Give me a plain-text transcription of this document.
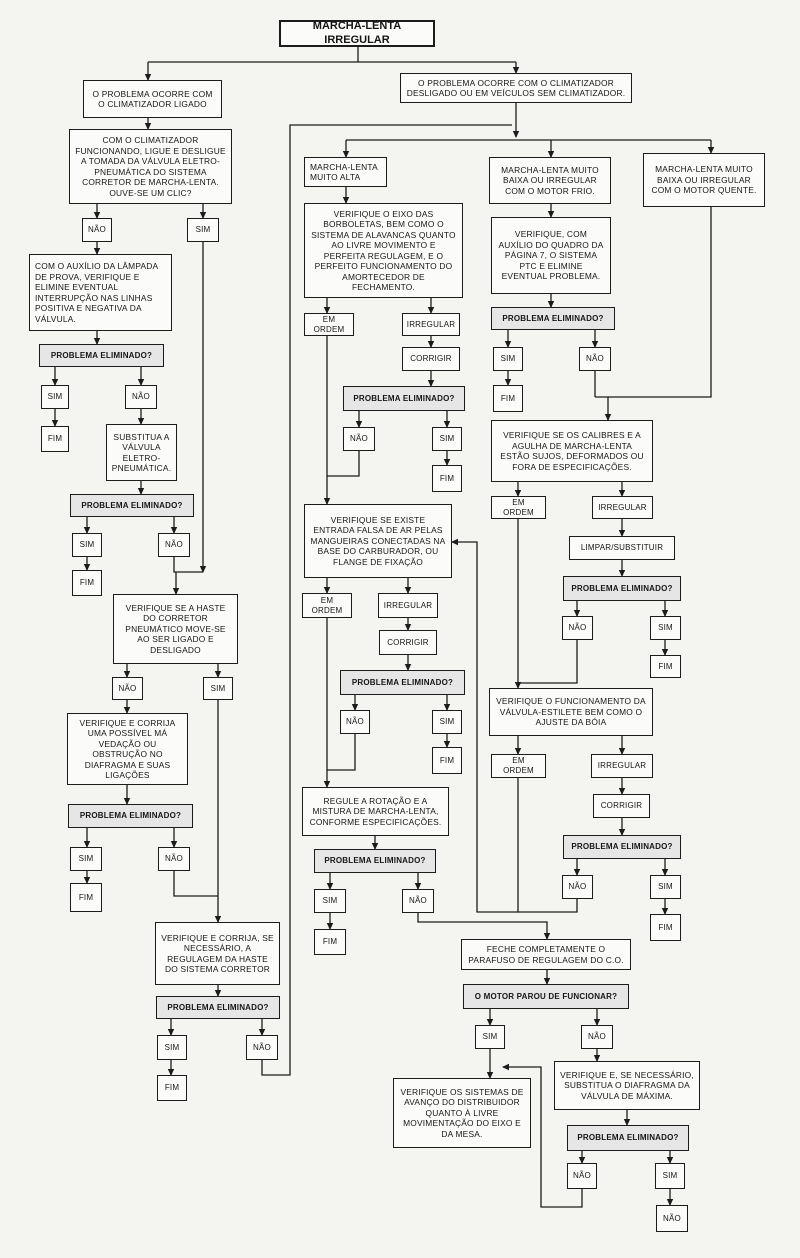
MARCHA-LENTA IRREGULAR
O PROBLEMA OCORRE COM O CLIMATIZADOR LIGADO
O PROBLEMA OCORRE COM O CLIMATIZADOR DESLIGADO OU EM VEÍCULOS SEM CLIMATIZADOR.
COM O CLIMATIZADOR FUNCIONANDO, LIGUE E DESLIGUE A TOMADA DA VÁLVULA ELETRO-PNEUMÁTICA DO SISTEMA CORRETOR DE MARCHA-LENTA. OUVE-SE UM CLIC?
NÃO	SIM
COM O AUXÍLIO DA LÂMPADA DE PROVA, VERIFIQUE E ELIMINE EVENTUAL INTERRUPÇÃO NAS LINHAS POSITIVA E NEGATIVA DA VÁLVULA.
PROBLEMA ELIMINADO?
SIM	NÃO
FIM	SUBSTITUA A VÁLVULA ELETRO-PNEUMÁTICA.
PROBLEMA ELIMINADO?
SIM	NÃO
FIM
VERIFIQUE SE A HASTE DO CORRETOR PNEUMÁTICO MOVE-SE AO SER LIGADO E DESLIGADO
NÃO	SIM
VERIFIQUE E CORRIJA UMA POSSÍVEL MÁ VEDAÇÃO OU OBSTRUÇÃO NO DIAFRAGMA E SUAS LIGAÇÕES
PROBLEMA ELIMINADO?
SIM	NÃO
FIM
VERIFIQUE E CORRIJA, SE NECESSÁRIO, A REGULAGEM DA HASTE DO SISTEMA CORRETOR
PROBLEMA ELIMINADO?
SIM	NÃO
FIM
MARCHA-LENTA MUITO ALTA
VERIFIQUE O EIXO DAS BORBOLETAS, BEM COMO O SISTEMA DE ALAVANCAS QUANTO AO LIVRE MOVIMENTO E PERFEITA REGULAGEM, E O PERFEITO FUNCIONAMENTO DO AMORTECEDOR DE FECHAMENTO.
EM ORDEM
IRREGULAR
CORRIGIR
PROBLEMA ELIMINADO?
NÃO	SIM
FIM
VERIFIQUE SE EXISTE ENTRADA FALSA DE AR PELAS MANGUEIRAS CONECTADAS NA BASE DO CARBURADOR, OU FLANGE DE FIXAÇÃO
EM ORDEM
IRREGULAR
CORRIGIR
PROBLEMA ELIMINADO?
NÃO	SIM
FIM
REGULE A ROTAÇÃO E A MISTURA DE MARCHA-LENTA, CONFORME ESPECIFICAÇÕES.
PROBLEMA ELIMINADO?
SIM	NÃO
FIM
MARCHA-LENTA MUITO BAIXA OU IRREGULAR COM O MOTOR FRIO.
MARCHA-LENTA MUITO BAIXA OU IRREGULAR COM O MOTOR QUENTE.
VERIFIQUE, COM AUXÍLIO DO QUADRO DA PÁGINA 7, O SISTEMA PTC E ELIMINE EVENTUAL PROBLEMA.
PROBLEMA ELIMINADO?
SIM	NÃO
FIM
VERIFIQUE SE OS CALIBRES E A AGULHA DE MARCHA-LENTA ESTÃO SUJOS, DEFORMADOS OU FORA DE ESPECIFICAÇÕES.
EM ORDEM
IRREGULAR
LIMPAR/SUBSTITUIR
PROBLEMA ELIMINADO?
NÃO	SIM
FIM
VERIFIQUE O FUNCIONAMENTO DA VÁLVULA-ESTILETE BEM COMO O AJUSTE DA BÓIA
EM ORDEM
IRREGULAR
CORRIGIR
PROBLEMA ELIMINADO?
NÃO	SIM
FIM
FECHE COMPLETAMENTE O PARAFUSO DE REGULAGEM DO C.O.
O MOTOR PAROU DE FUNCIONAR?
SIM	NÃO
VERIFIQUE OS SISTEMAS DE AVANÇO DO DISTRIBUIDOR QUANTO À LIVRE MOVIMENTAÇÃO DO EIXO E DA MESA.
VERIFIQUE E, SE NECESSÁRIO, SUBSTITUA O DIAFRAGMA DA VÁLVULA DE MÁXIMA.
PROBLEMA ELIMINADO?
NÃO	SIM
NÃO
